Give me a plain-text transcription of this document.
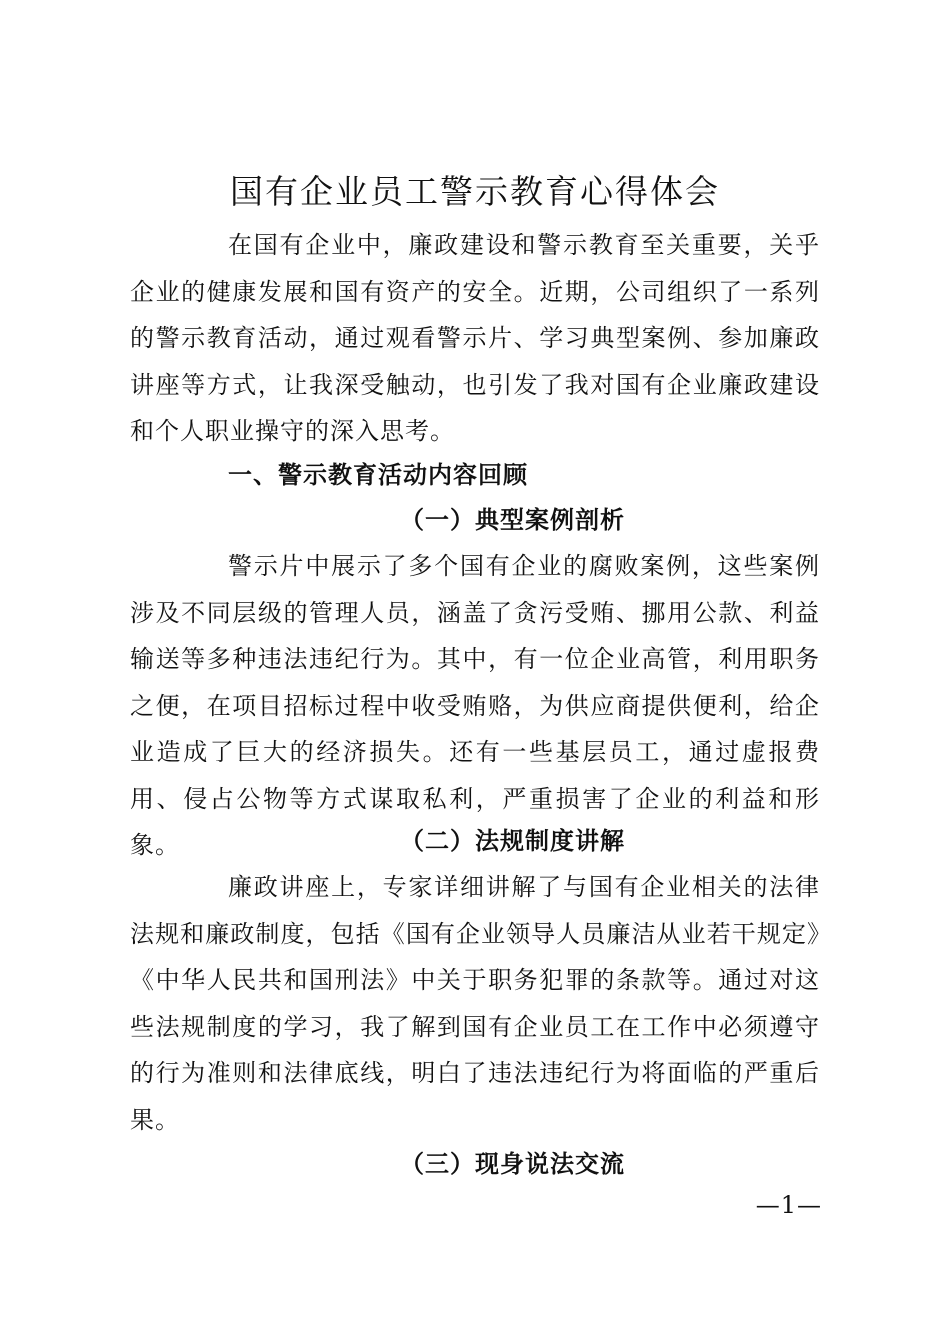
国有企业员工警示教育心得体会

在国有企业中，廉政建设和警示教育至关重要，关乎企业的健康发展和国有资产的安全。近期，公司组织了一系列的警示教育活动，通过观看警示片、学习典型案例、参加廉政讲座等方式，让我深受触动，也引发了我对国有企业廉政建设和个人职业操守的深入思考。

一、警示教育活动内容回顾
（一）典型案例剖析

警示片中展示了多个国有企业的腐败案例，这些案例涉及不同层级的管理人员，涵盖了贪污受贿、挪用公款、利益输送等多种违法违纪行为。其中，有一位企业高管，利用职务之便，在项目招标过程中收受贿赂，为供应商提供便利，给企业造成了巨大的经济损失。还有一些基层员工，通过虚报费用、侵占公物等方式谋取私利，严重损害了企业的利益和形象。	（二）法规制度讲解

廉政讲座上，专家详细讲解了与国有企业相关的法律法规和廉政制度，包括《国有企业领导人员廉洁从业若干规定》《中华人民共和国刑法》中关于职务犯罪的条款等。通过对这些法规制度的学习，我了解到国有企业员工在工作中必须遵守的行为准则和法律底线，明白了违法违纪行为将面临的严重后果。

（三）现身说法交流
—1—
